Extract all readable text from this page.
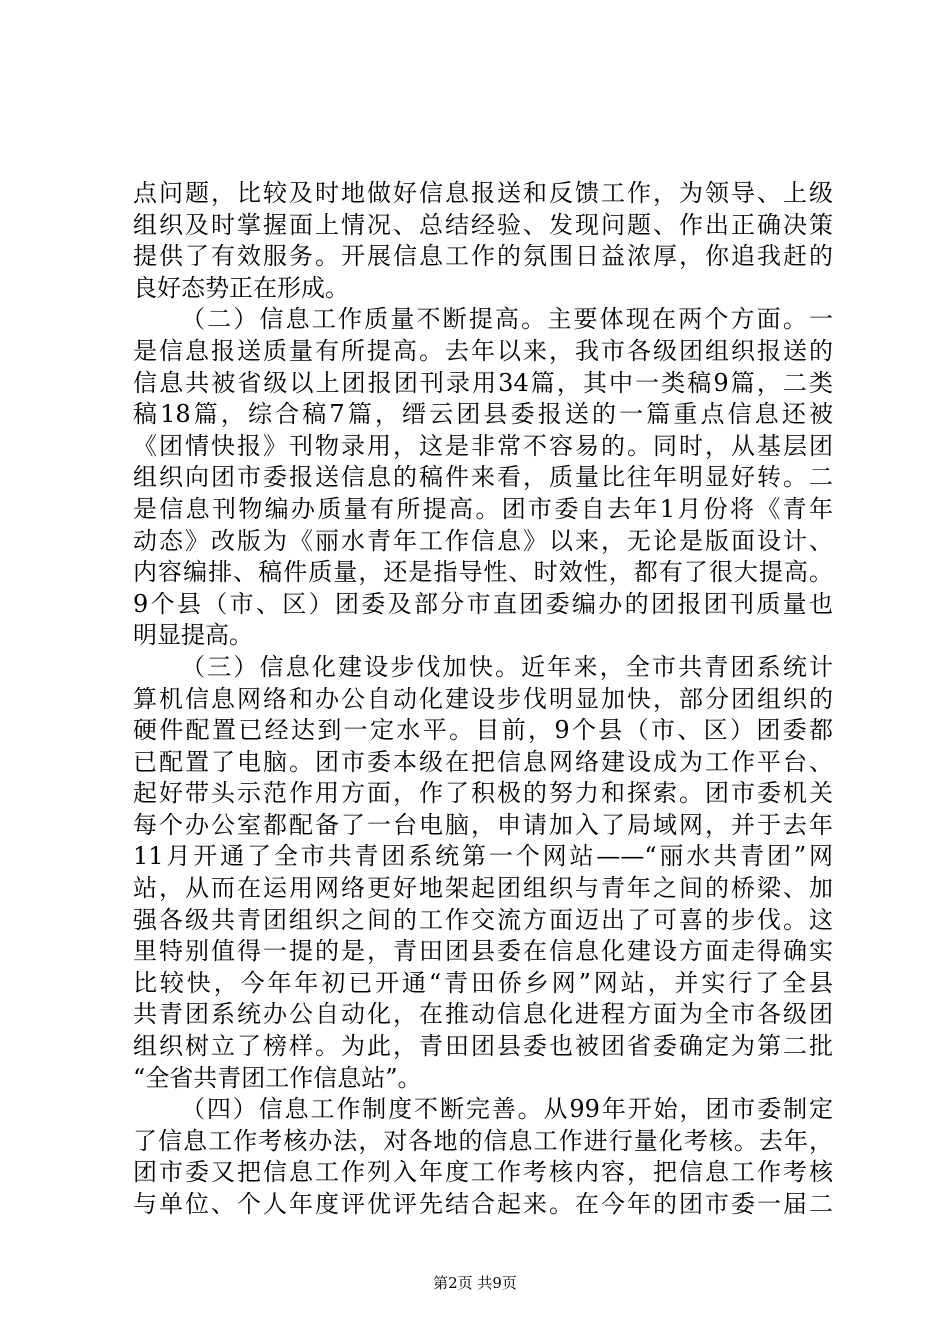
点问题，比较及时地做好信息报送和反馈工作，为领导、上级
组织及时掌握面上情况、总结经验、发现问题、作出正确决策
提供了有效服务。开展信息工作的氛围日益浓厚，你追我赶的
良好态势正在形成。
（二）信息工作质量不断提高。主要体现在两个方面。一
是信息报送质量有所提高。去年以来，我市各级团组织报送的
信息共被省级以上团报团刊录用34篇，其中一类稿9篇，二类
稿18篇，综合稿7篇，缙云团县委报送的一篇重点信息还被
《团情快报》刊物录用，这是非常不容易的。同时，从基层团
组织向团市委报送信息的稿件来看，质量比往年明显好转。二
是信息刊物编办质量有所提高。团市委自去年1月份将《青年
动态》改版为《丽水青年工作信息》以来，无论是版面设计、
内容编排、稿件质量，还是指导性、时效性，都有了很大提高。
9个县（市、区）团委及部分市直团委编办的团报团刊质量也
明显提高。
（三）信息化建设步伐加快。近年来，全市共青团系统计
算机信息网络和办公自动化建设步伐明显加快，部分团组织的
硬件配置已经达到一定水平。目前，9个县（市、区）团委都
已配置了电脑。团市委本级在把信息网络建设成为工作平台、
起好带头示范作用方面，作了积极的努力和探索。团市委机关
每个办公室都配备了一台电脑，申请加入了局域网，并于去年
11月开通了全市共青团系统第一个网站——“丽水共青团”网
站，从而在运用网络更好地架起团组织与青年之间的桥梁、加
强各级共青团组织之间的工作交流方面迈出了可喜的步伐。这
里特别值得一提的是，青田团县委在信息化建设方面走得确实
比较快，今年年初已开通“青田侨乡网”网站，并实行了全县
共青团系统办公自动化，在推动信息化进程方面为全市各级团
组织树立了榜样。为此，青田团县委也被团省委确定为第二批
“全省共青团工作信息站”。
（四）信息工作制度不断完善。从99年开始，团市委制定
了信息工作考核办法，对各地的信息工作进行量化考核。去年，
团市委又把信息工作列入年度工作考核内容，把信息工作考核
与单位、个人年度评优评先结合起来。在今年的团市委一届二
第2页 共9页
